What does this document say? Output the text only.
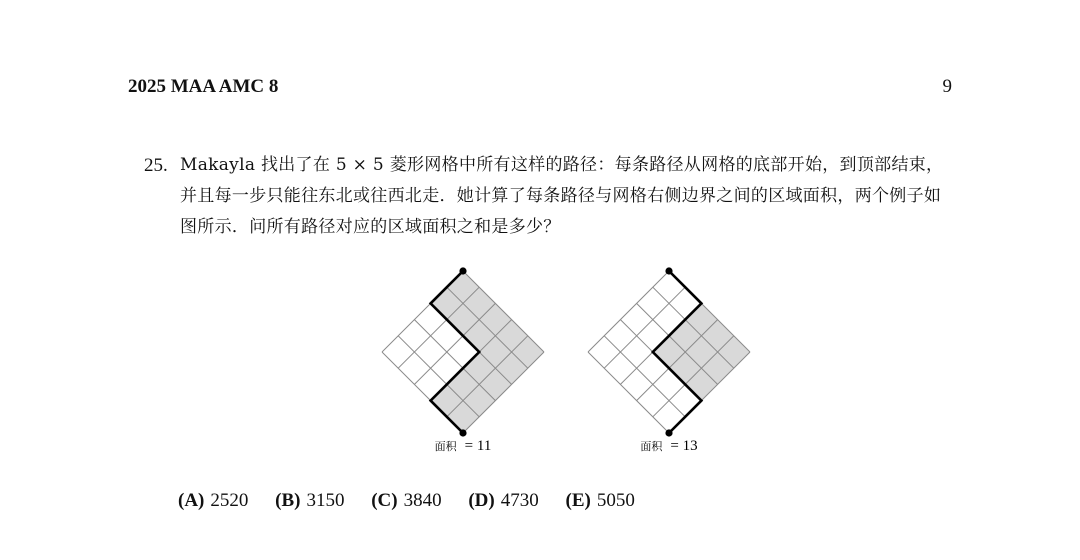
2025 MAA AMC 8	9
25. Makayla 找出了在 5 × 5 菱形网格中所有这样的路径：每条路径从网格的底部开始，到顶部结束，并且每一步只能往东北或往西北走．她计算了每条路径与网格右侧边界之间的区域面积，两个例子如图所示．问所有路径对应的区域面积之和是多少？
面积 = 11	面积 = 13
(A) 2520 (B) 3150 (C) 3840 (D) 4730 (E) 5050
